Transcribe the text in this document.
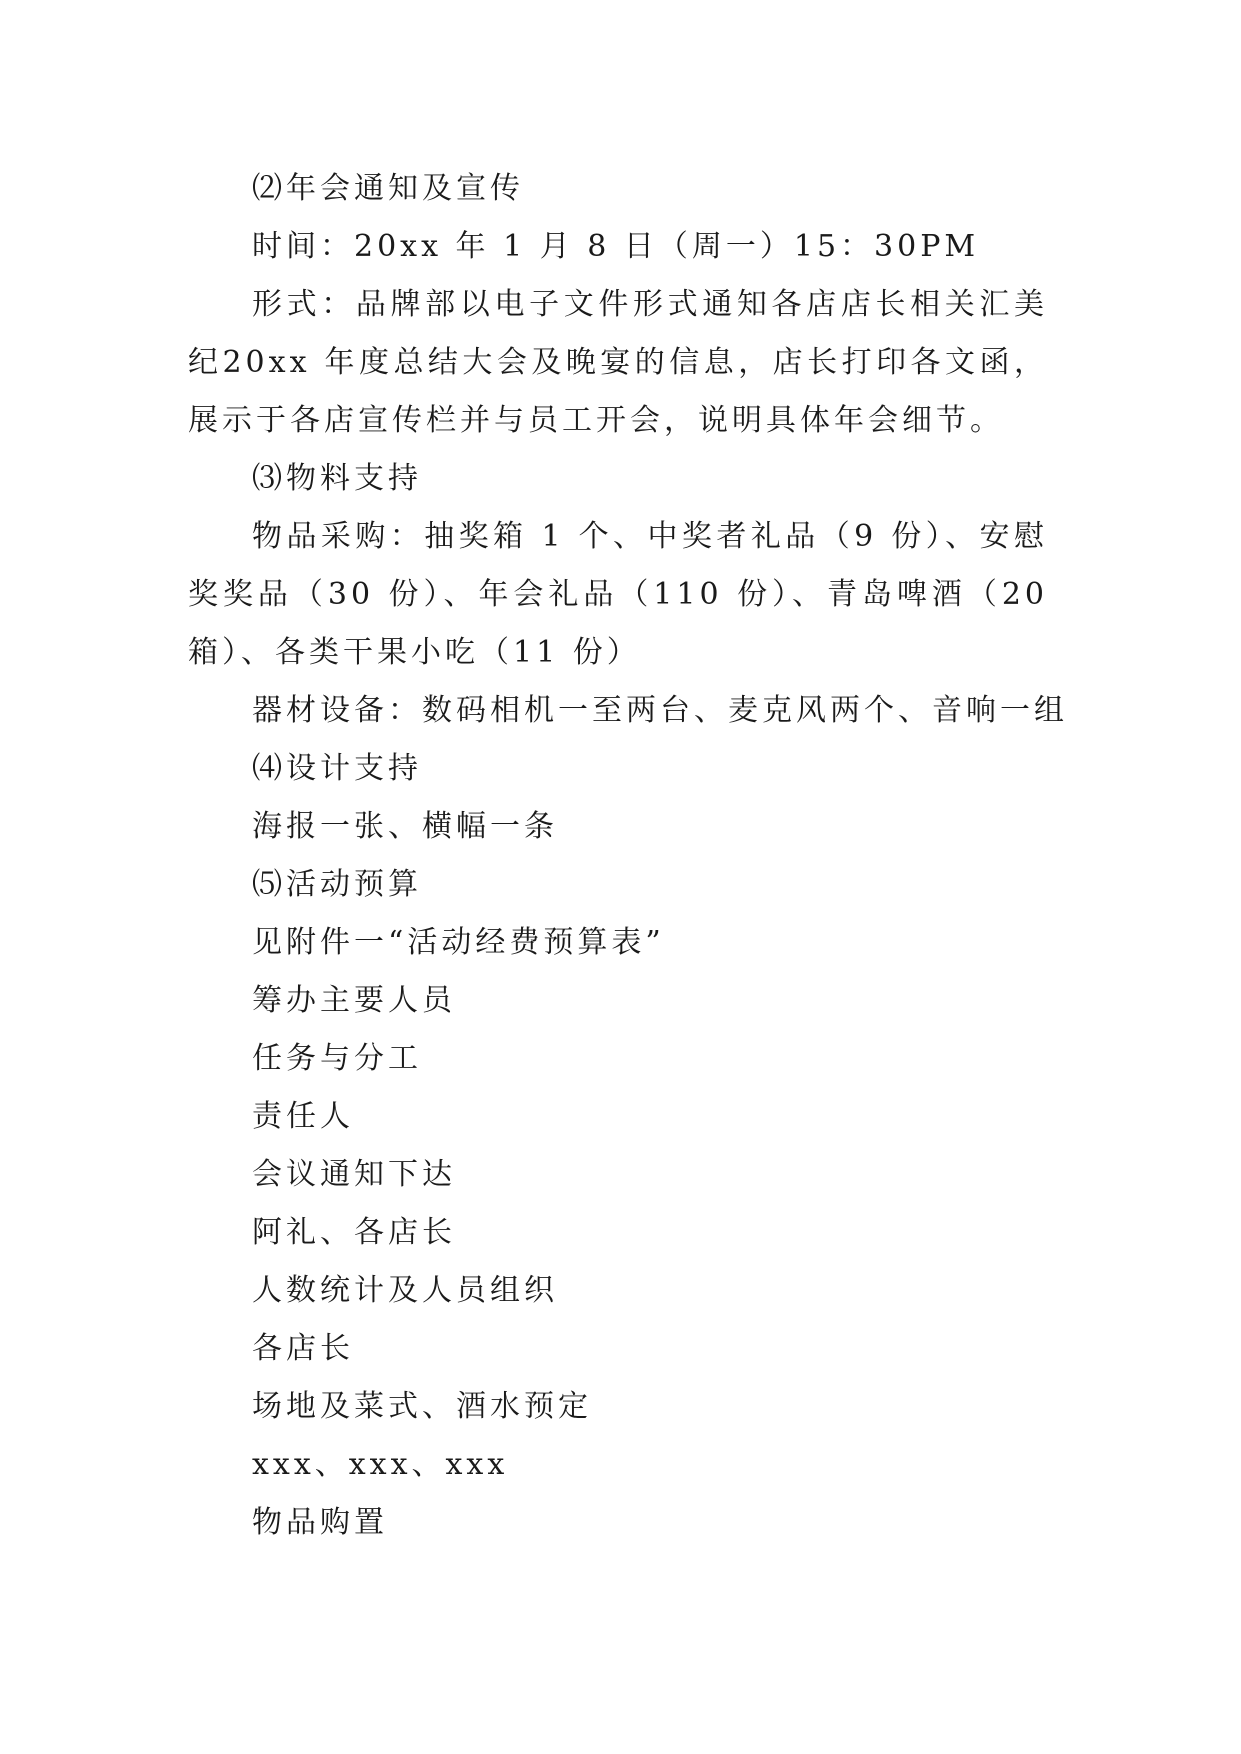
⑵年会通知及宣传

时间：20xx 年 1 月 8 日（周一）15：30PM

形式：品牌部以电子文件形式通知各店店长相关汇美纪20xx 年度总结大会及晚宴的信息，店长打印各文函，展示于各店宣传栏并与员工开会，说明具体年会细节。

⑶物料支持

物品采购：抽奖箱 1 个、中奖者礼品（9 份）、安慰奖奖品（30 份）、年会礼品（110 份）、青岛啤酒（20 箱）、各类干果小吃（11 份）

器材设备：数码相机一至两台、麦克风两个、音响一组

⑷设计支持

海报一张、横幅一条

⑸活动预算

见附件一“活动经费预算表”

筹办主要人员

任务与分工

责任人

会议通知下达

阿礼、各店长

人数统计及人员组织

各店长

场地及菜式、酒水预定

xxx、xxx、xxx

物品购置
